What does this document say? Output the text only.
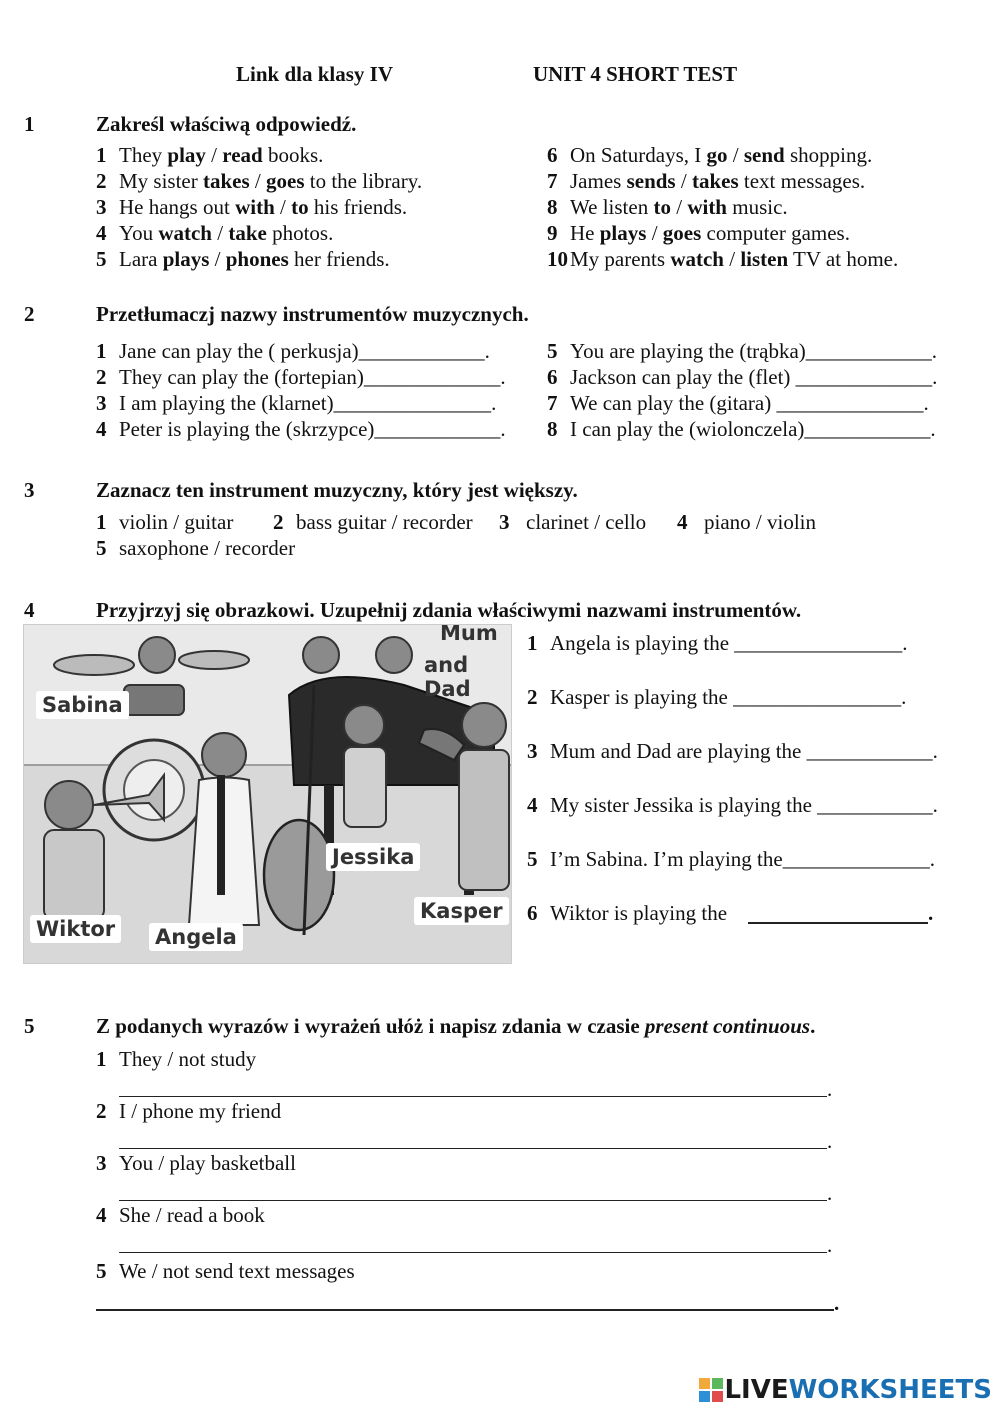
Link dla klasy IV	UNIT 4 SHORT TEST
1	Zakreśl właściwą odpowiedź.
1 They play / read books.
2 My sister takes / goes to the library.
3 He hangs out with / to his friends.
4 You watch / take photos.
5 Lara plays / phones her friends.
6 On Saturdays, I go / send shopping.
7 James sends / takes text messages.
8 We listen to / with music.
9 He plays / goes computer games.
10My parents watch / listen TV at home.
2	Przetłumaczj nazwy instrumentów muzycznych.
1 Jane can play the ( perkusja)____________.
2 They can play the (fortepian)_____________.
3 I am playing the (klarnet)_______________.
4 Peter is playing the (skrzypce)____________.
5 You are playing the (trąbka)____________.
6 Jackson can play the (flet) _____________.
7 We can play the (gitara) ______________.
8 I can play the (wiolonczela)____________.
3	Zaznacz ten instrument muzyczny, który jest większy.
1 violin / guitar 2 bass guitar / recorder 3 clarinet / cello 4 piano / violin
5 saxophone / recorder
4	Przyjrzyj się obrazkowi. Uzupełnij zdania właściwymi nazwami instrumentów.
Sabina
Wiktor Angela
Jessika
Kasper
Mum
and Dad
1 Angela is playing the ________________.
2 Kasper is playing the ________________.
3 Mum and Dad are playing the ____________.
4 My sister Jessika is playing the ___________.
5 I’m Sabina. I’m playing the______________.
6 Wiktor is playing the	.
5	Z podanych wyrazów i wyrażeń ułóż i napisz zdania w czasie present continuous.
1 They / not study
.
2 I / phone my friend
.
3 You / play basketball
.
4 She / read a book
.
5 We / not send text messages
.
LIVE WORKSHEETS
